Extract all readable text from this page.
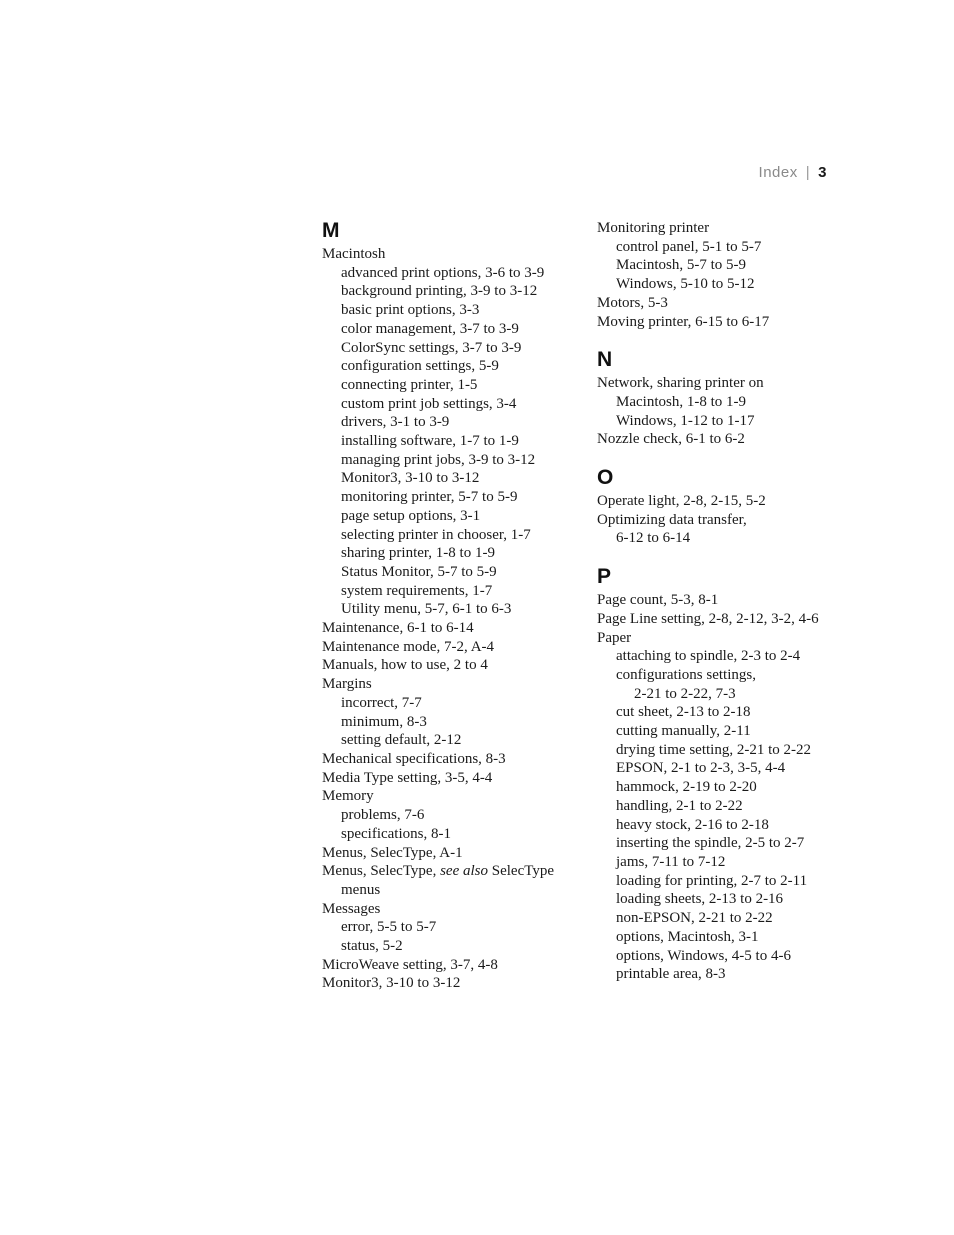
Index | 3
M
Macintosh
advanced print options, 3-6 to 3-9
background printing, 3-9 to 3-12
basic print options, 3-3
color management, 3-7 to 3-9
ColorSync settings, 3-7 to 3-9
configuration settings, 5-9
connecting printer, 1-5
custom print job settings, 3-4
drivers, 3-1 to 3-9
installing software, 1-7 to 1-9
managing print jobs, 3-9 to 3-12
Monitor3, 3-10 to 3-12
monitoring printer, 5-7 to 5-9
page setup options, 3-1
selecting printer in chooser, 1-7
sharing printer, 1-8 to 1-9
Status Monitor, 5-7 to 5-9
system requirements, 1-7
Utility menu, 5-7, 6-1 to 6-3
Maintenance, 6-1 to 6-14
Maintenance mode, 7-2, A-4
Manuals, how to use, 2 to 4
Margins
incorrect, 7-7
minimum, 8-3
setting default, 2-12
Mechanical specifications, 8-3
Media Type setting, 3-5, 4-4
Memory
problems, 7-6
specifications, 8-1
Menus, SelecType, A-1
Menus, SelecType, see also SelecType
menus
Messages
error, 5-5 to 5-7
status, 5-2
MicroWeave setting, 3-7, 4-8
Monitor3, 3-10 to 3-12
Monitoring printer
control panel, 5-1 to 5-7
Macintosh, 5-7 to 5-9
Windows, 5-10 to 5-12
Motors, 5-3
Moving printer, 6-15 to 6-17
N
Network, sharing printer on
Macintosh, 1-8 to 1-9
Windows, 1-12 to 1-17
Nozzle check, 6-1 to 6-2
O
Operate light, 2-8, 2-15, 5-2
Optimizing data transfer,
6-12 to 6-14
P
Page count, 5-3, 8-1
Page Line setting, 2-8, 2-12, 3-2, 4-6
Paper
attaching to spindle, 2-3 to 2-4
configurations settings,
2-21 to 2-22, 7-3
cut sheet, 2-13 to 2-18
cutting manually, 2-11
drying time setting, 2-21 to 2-22
EPSON, 2-1 to 2-3, 3-5, 4-4
hammock, 2-19 to 2-20
handling, 2-1 to 2-22
heavy stock, 2-16 to 2-18
inserting the spindle, 2-5 to 2-7
jams, 7-11 to 7-12
loading for printing, 2-7 to 2-11
loading sheets, 2-13 to 2-16
non-EPSON, 2-21 to 2-22
options, Macintosh, 3-1
options, Windows, 4-5 to 4-6
printable area, 8-3
